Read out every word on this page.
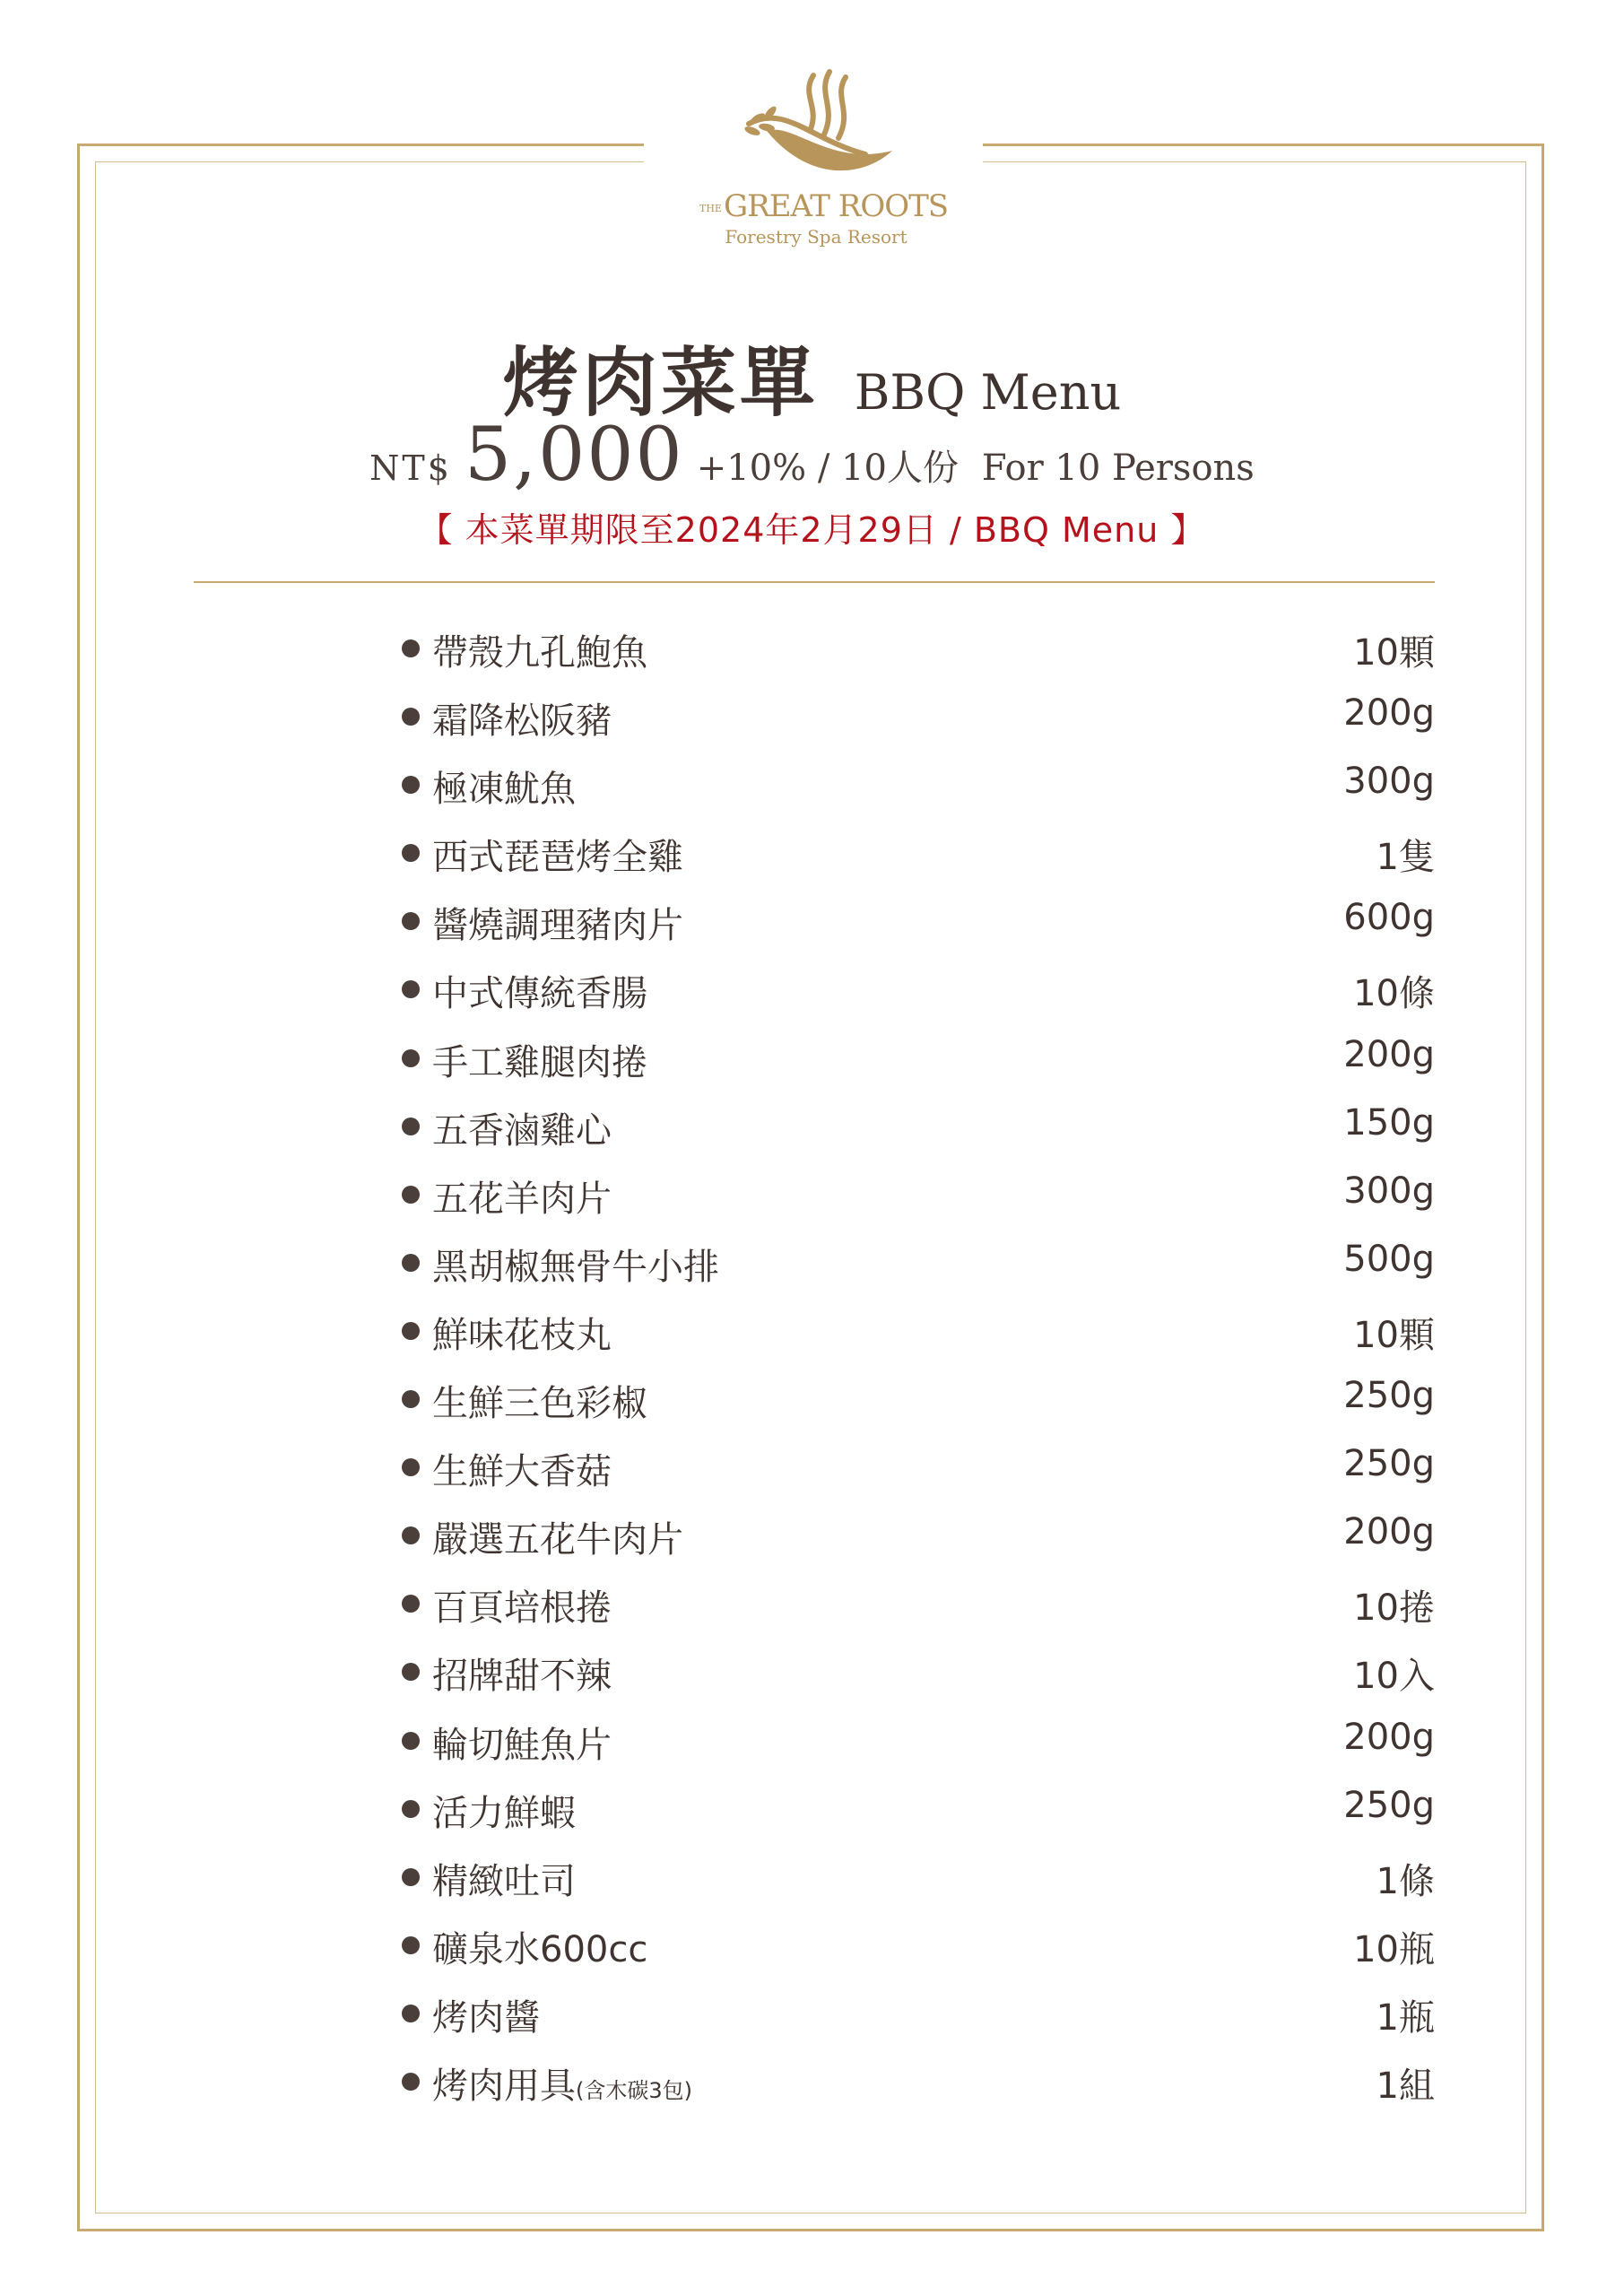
THEGREAT ROOTS
Forestry Spa Resort
烤肉菜單 BBQ Menu
NT$ 5,000 +10% / 10人份 For 10 Persons
【 本菜單期限至2024年2月29日 / BBQ Menu 】
帶殼九孔鮑魚	10顆
霜降松阪豬	200g
極凍魷魚	300g
西式琵琶烤全雞	1隻
醬燒調理豬肉片	600g
中式傳統香腸	10條
手工雞腿肉捲	200g
五香滷雞心	150g
五花羊肉片	300g
黑胡椒無骨牛小排	500g
鮮味花枝丸	10顆
生鮮三色彩椒	250g
生鮮大香菇	250g
嚴選五花牛肉片	200g
百頁培根捲	10捲
招牌甜不辣	10入
輪切鮭魚片	200g
活力鮮蝦	250g
精緻吐司	1條
礦泉水600cc	10瓶
烤肉醬	1瓶
烤肉用具(含木碳3包)	1組
